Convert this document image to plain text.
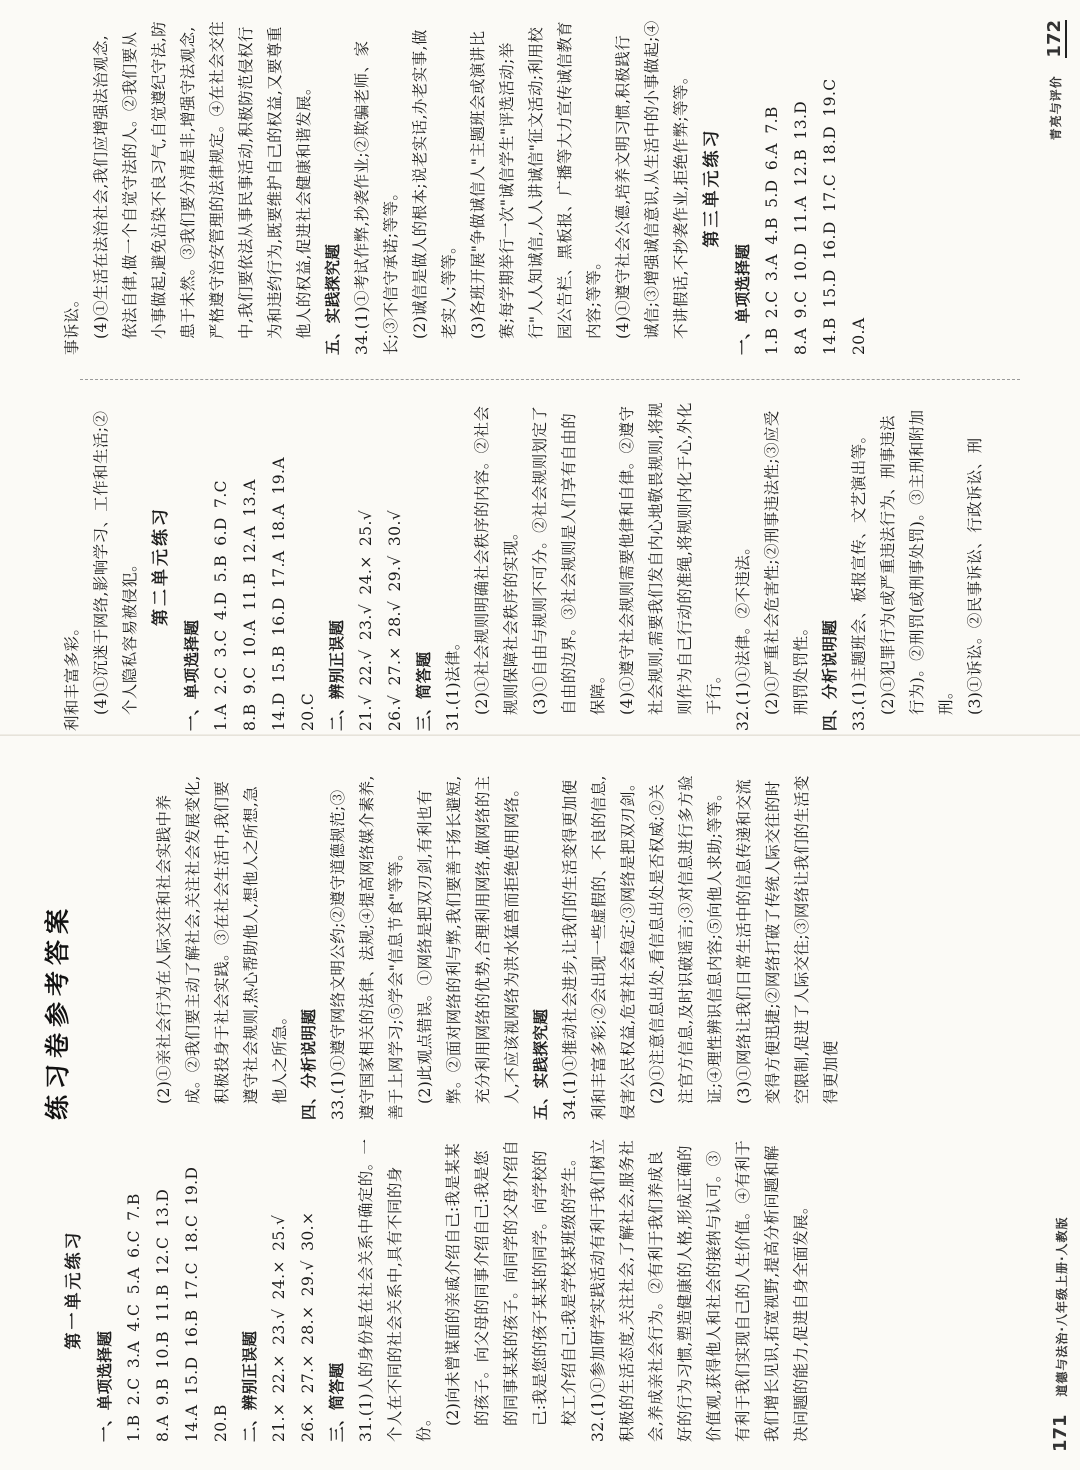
练习卷参考答案
第一单元练习
一、单项选择题 1.B 2.C 3.A 4.C 5.A 6.C 7.B 8.A 9.B 10.B 11.B 12.C 13.D 14.A 15.D 16.B 17.C 18.C 19.D 20.B 二、辨别正误题 21.× 22.× 23.√ 24.× 25.√ 26.× 27.× 28.× 29.√ 30.× 三、简答题 31.(1)人的身份是在社会关系中确定的。一个人在不同的社会关系中,具有不同的身份。
(2)向未曾谋面的亲戚介绍自己:我是某某的孩子。向父母的同事介绍自己:我是您的同事某某的孩子。向同学的父母介绍自己:我是您的孩子某某的同学。向学校的校工介绍自己:我是学校某班级的学生。 32.(1)①参加研学实践活动有利于我们树立积极的生活态度,关注社会,了解社会,服务社会,养成亲社会行为。②有利于我们养成良好的行为习惯,塑造健康的人格,形成正确的价值观,获得他人和社会的接纳与认可。③有利于我们实现自己的人生价值。④有利于我们增长见识,拓宽视野,提高分析问题和解决问题的能力,促进自身全面发展。
(2)①亲社会行为在人际交往和社会实践中养成。②我们要主动了解社会,关注社会发展变化,积极投身于社会实践。③在社会生活中,我们要遵守社会规则,热心帮助他人,想他人之所想,急他人之所急。 四、分析说明题 33.(1)①遵守网络文明公约;②遵守道德规范;③遵守国家相关的法律、法规;④提高网络媒介素养,善于上网学习;⑤学会"信息节食"等等。 (2)此观点错误。①网络是把双刃剑,有利也有弊。②面对网络的利与弊,我们要善于扬长避短,充分利用网络的优势,合理利用网络,做网络的主人,不应该视网络为洪水猛兽而拒绝使用网络。 五、实践探究题 34.(1)①推动社会进步,让我们的生活变得更加便利和丰富多彩;②会出现一些虚假的、不良的信息,侵害公民权益,危害社会稳定;③网络是把双刃剑。 (2)①注意信息出处,看信息出处是否权威;②关注官方信息,及时识破谣言;③对信息进行多方验证;④理性辨识信息内容;⑤向他人求助;等等。 (3)①网络让我们日常生活中的信息传递和交流变得方便迅捷;②网络打破了传统人际交往的时空限制,促进了人际交往;③网络让我们的生活变得更加便
171 道德与法治·八年级上册·人教版
利和丰富多彩。 (4)①沉迷于网络,影响学习、工作和生活;②个人隐私容易被侵犯。 第二单元练习
一、单项选择题 1.A 2.C 3.C 4.D 5.B 6.D 7.C 8.B 9.C 10.A 11.B 12.A 13.A 14.D 15.B 16.D 17.A 18.A 19.A 20.C 二、辨别正误题 21.√ 22.√ 23.√ 24.× 25.√ 26.√ 27.× 28.√ 29.√ 30.√ 三、简答题 31.(1)法律。 (2)①社会规则明确社会秩序的内容。②社会规则保障社会秩序的实现。 (3)①自由与规则不可分。②社会规则划定了自由的边界。③社会规则是人们享有自由的保障。 (4)①遵守社会规则需要他律和自律。②遵守社会规则,需要我们发自内心地敬畏规则,将规则作为自己行动的准绳,将规则内化于心,外化于行。 32.(1)①法律。②不违法。 (2)①严重社会危害性;②刑事违法性;③应受刑罚处罚性。 四、分析说明题 33.(1)主题班会、板报宣传、文艺演出等。 (2)①犯罪行为(或严重违法行为、刑事违法行为)。②刑罚(或刑事处罚)。③主刑和附加刑。 (3)①诉讼。②民事诉讼、行政诉讼、刑
事诉讼。 (4)①生活在法治社会,我们应增强法治观念,依法自律,做一个自觉守法的人。②我们要从小事做起,避免沾染不良习气,自觉遵纪守法,防患于未然。③我们要分清是非,增强守法观念,严格遵守治安管理的法律规定。④在社会交往中,我们要依法从事民事活动,积极防范侵权行为和违约行为,既要维护自己的权益,又要尊重他人的权益,促进社会健康和谐发展。 五、实践探究题 34.(1)①考试作弊,抄袭作业;②欺骗老师、家长;③不信守承诺;等等。 (2)诚信是做人的根本;说老实话,办老实事,做老实人;等等。 (3)各班开展"争做诚信人"主题班会或演讲比赛;每学期举行一次"诚信学生"评选活动;举行"人人知诚信,人人讲诚信"征文活动;利用校园公告栏、黑板报、广播等大力宣传诚信教育内容;等等。 (4)①遵守社会公德,培养文明习惯,积极践行诚信;③增强诚信意识,从生活中的小事做起;④不讲假话,不抄袭作业,拒绝作弊;等等。 第三单元练习
一、单项选择题 1.B 2.C 3.A 4.B 5.D 6.A 7.B 8.A 9.C 10.D 11.A 12.B 13.D 14.B 15.D 16.D 17.C 18.D 19.C 20.A
青亮与评价 172
